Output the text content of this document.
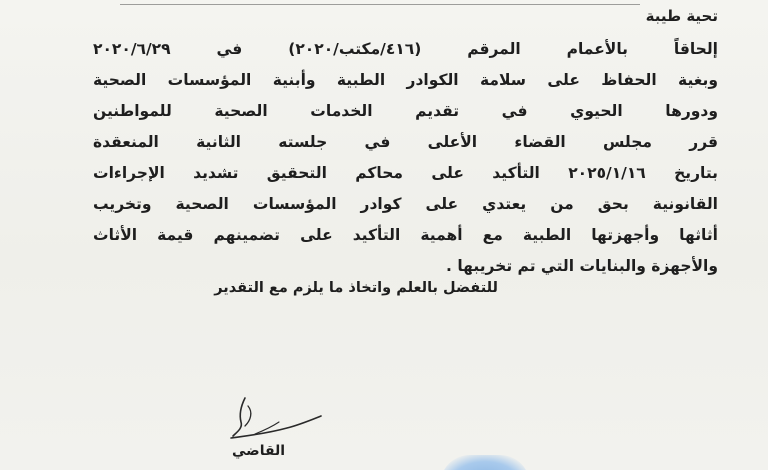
تحية طيبة

إلحاقاً بالأعمام المرقم (٤١٦/مكتب/٢٠٢٠) في ٢٠٢٠/٦/٢٩
وبغية الحفاظ على سلامة الكوادر الطبية وأبنية المؤسسات الصحية
ودورها الحيوي في تقديم الخدمات الصحية للمواطنين
قرر مجلس القضاء الأعلى في جلسته الثانية المنعقدة
بتاريخ ٢٠٢٥/١/١٦ التأكيد على محاكم التحقيق تشديد الإجراءات
القانونية بحق من يعتدي على كوادر المؤسسات الصحية وتخريب
أثاثها وأجهزتها الطبية مع أهمية التأكيد على تضمينهم قيمة الأثاث
والأجهزة والبنايات التي تم تخريبها .
للتفضل بالعلم واتخاذ ما يلزم مع التقدير
القاضي
